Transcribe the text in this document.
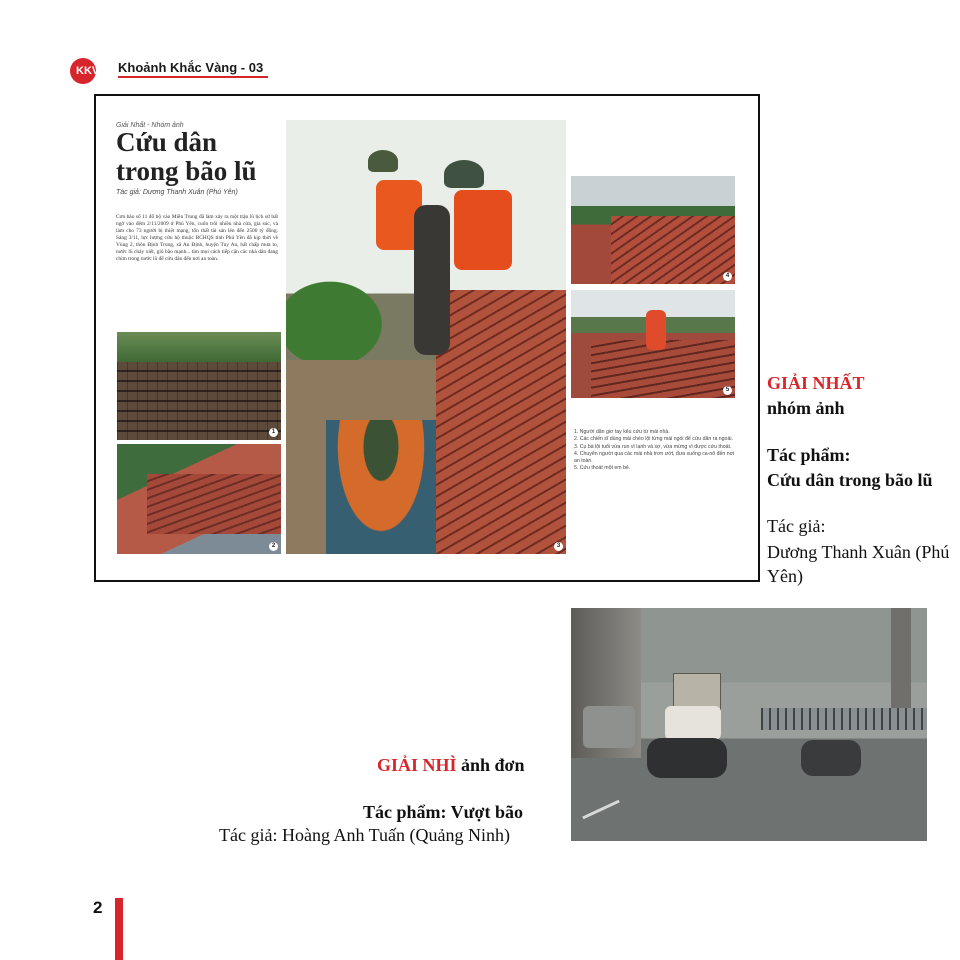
KKV Khoảnh Khắc Vàng - 03
Giải Nhất - Nhóm ảnh
Cứu dân trong bão lũ
Tác giả: Dương Thanh Xuân (Phú Yên)
Cơn bão số 11 đổ bộ vào Miền Trung đã làm xảy ra một trận lũ lịch sử bất ngờ vào đêm 2/11/2009 ở Phú Yên, cuốn trôi nhiều nhà cửa, gia súc, và làm cho 73 người bị thiệt mạng, tổn thất tài sản lên đến 2500 tỷ đồng. Sáng 3/11, lực lượng cứu hộ thuộc BCHQS tỉnh Phú Yên đã kịp thời về Vùng 2, thôn Định Trung, xã An Định, huyện Tuy An, bất chấp mưa to, nước lũ chảy xiết, gió bão mạnh... tìm mọi cách tiếp cận các nhà dân đang chìm trong nước lũ để cứu dân đến nơi an toàn.
1
2	3
4
5
1. Người dân giơ tay kêu cứu từ mái nhà.
2. Các chiến sĩ dùng mái chèo lội từng mái ngói để cứu dân ra ngoài.
3. Cụ bà lội tuổi vừa run vì lạnh và sợ, vừa mừng vì được cứu thoát.
4. Chuyển người qua các mái nhà trơn ướt, đưa xuống ca-nô đến nơi an toàn.
5. Cứu thoát một em bé.
GIẢI NHẤT
nhóm ảnh
Tác phẩm:
Cứu dân trong bão lũ
Tác giả:
Dương Thanh Xuân (Phú Yên)
GIẢI NHÌ ảnh đơn
Tác phẩm: Vượt bão
Tác giả: Hoàng Anh Tuấn (Quảng Ninh)
2
